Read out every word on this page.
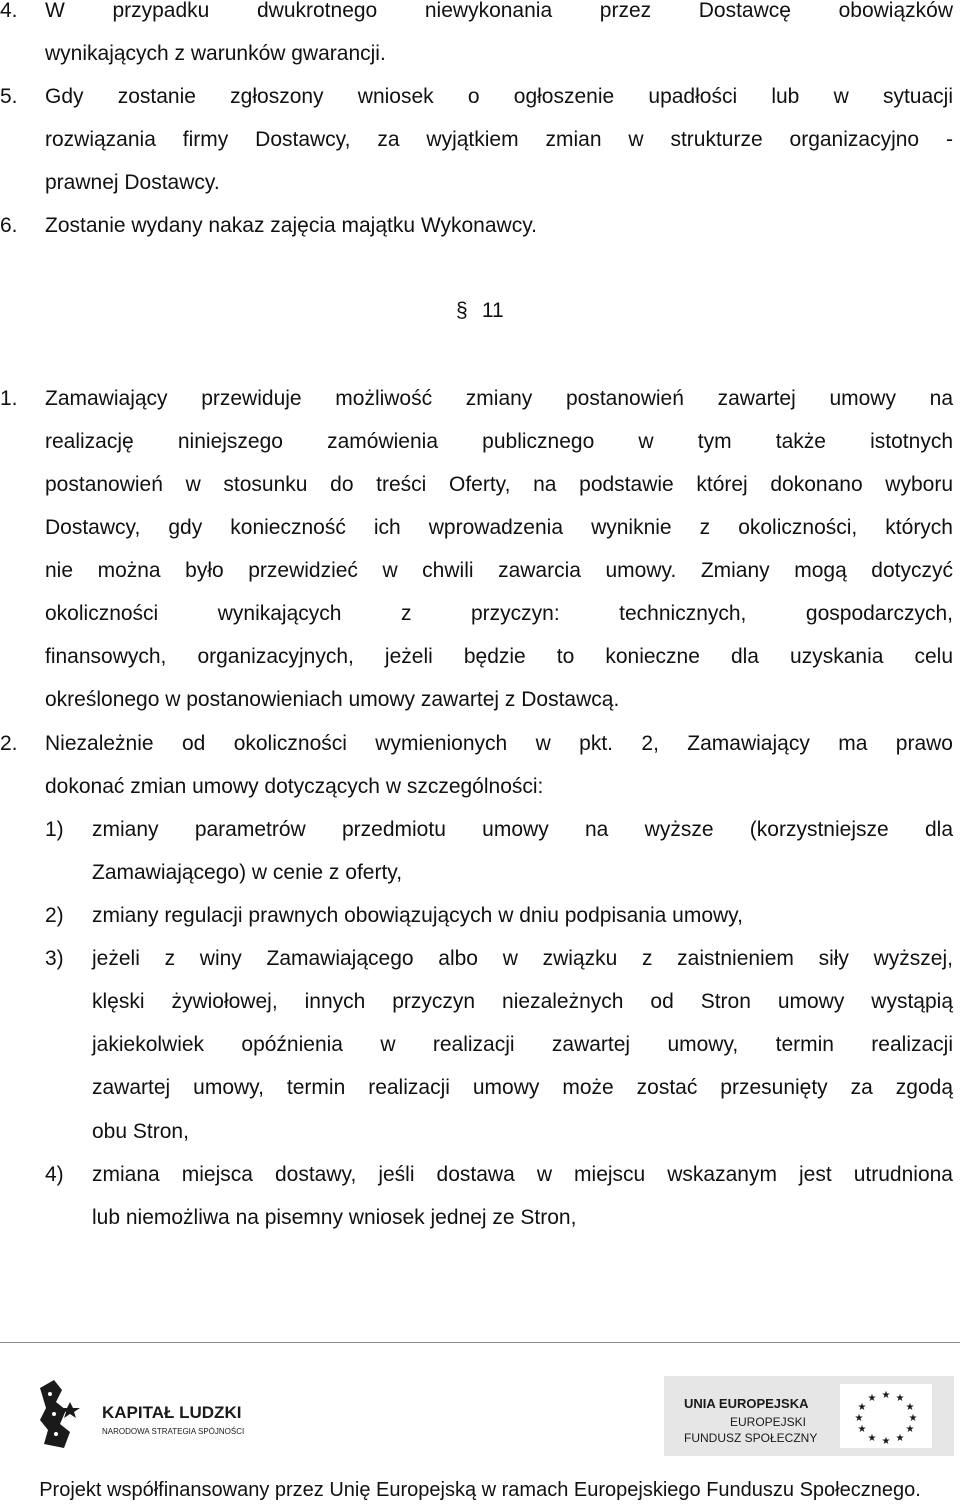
4. W przypadku dwukrotnego niewykonania przez Dostawcę obowiązków
wynikających z warunków gwarancji.
5. Gdy zostanie zgłoszony wniosek o ogłoszenie upadłości lub w sytuacji
rozwiązania firmy Dostawcy, za wyjątkiem zmian w strukturze organizacyjno -
prawnej Dostawcy.
6. Zostanie wydany nakaz zajęcia majątku Wykonawcy.
§ 11
1. Zamawiający przewiduje możliwość zmiany postanowień zawartej umowy na
realizację niniejszego zamówienia publicznego w tym także istotnych
postanowień w stosunku do treści Oferty, na podstawie której dokonano wyboru
Dostawcy, gdy konieczność ich wprowadzenia wyniknie z okoliczności, których
nie można było przewidzieć w chwili zawarcia umowy. Zmiany mogą dotyczyć
okoliczności wynikających z przyczyn: technicznych, gospodarczych,
finansowych, organizacyjnych, jeżeli będzie to konieczne dla uzyskania celu
określonego w postanowieniach umowy zawartej z Dostawcą.
2. Niezależnie od okoliczności wymienionych w pkt. 2, Zamawiający ma prawo
dokonać zmian umowy dotyczących w szczególności:
1) zmiany parametrów przedmiotu umowy na wyższe (korzystniejsze dla
Zamawiającego) w cenie z oferty,
2) zmiany regulacji prawnych obowiązujących w dniu podpisania umowy,
3) jeżeli z winy Zamawiającego albo w związku z zaistnieniem siły wyższej,
klęski żywiołowej, innych przyczyn niezależnych od Stron umowy wystąpią
jakiekolwiek opóźnienia w realizacji zawartej umowy, termin realizacji
zawartej umowy, termin realizacji umowy może zostać przesunięty za zgodą
obu Stron,
4) zmiana miejsca dostawy, jeśli dostawa w miejscu wskazanym jest utrudniona
lub niemożliwa na pisemny wniosek jednej ze Stron,
KAPITAŁ LUDZKI
NARODOWA STRATEGIA SPÓJNOŚCI
UNIA EUROPEJSKA
EUROPEJSKI
FUNDUSZ SPOŁECZNY
★ ★
★
★
★
★
★
★
★
★
★
★
Projekt współfinansowany przez Unię Europejską w ramach Europejskiego Funduszu Społecznego.
